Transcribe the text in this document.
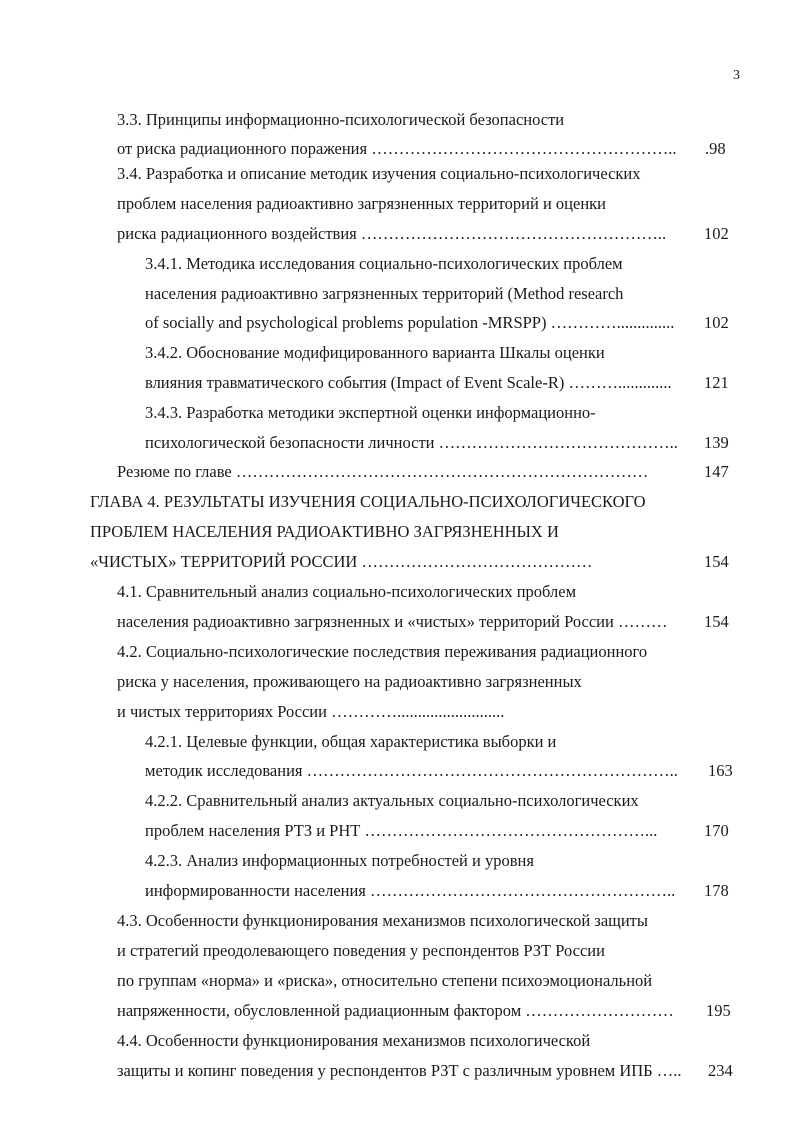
3
3.3. Принципы информационно-психологической безопасности
от риска радиационного поражения ……………………………………………….. .98
3.4. Разработка и описание методик изучения социально-психологических
проблем населения радиоактивно загрязненных территорий и оценки
риска радиационного воздействия ……………………………………………….. 102
3.4.1. Методика исследования социально-психологических проблем
населения радиоактивно загрязненных территорий (Method research
of socially and psychological problems population -MRSPP) ………….............. 102
3.4.2. Обоснование модифицированного варианта Шкалы оценки
влияния травматического события (Impact of Event Scale-R) ………............. 121
3.4.3. Разработка методики экспертной оценки информационно-
психологической безопасности личности …………………………………….. 139
Резюме по главе …………………………………………………………………	147
ГЛАВА 4. РЕЗУЛЬТАТЫ ИЗУЧЕНИЯ СОЦИАЛЬНО-ПСИХОЛОГИЧЕСКОГО
ПРОБЛЕМ НАСЕЛЕНИЯ РАДИОАКТИВНО ЗАГРЯЗНЕННЫХ И
«ЧИСТЫХ» ТЕРРИТОРИЙ РОССИИ ……………………………………	154
4.1. Сравнительный анализ социально-психологических проблем
населения радиоактивно загрязненных и «чистых» территорий России ……… 154
4.2. Социально-психологические последствия переживания радиационного
риска у населения, проживающего на радиоактивно загрязненных
и чистых территориях России …………..........................
4.2.1. Целевые функции, общая характеристика выборки и
методик исследования ………………………………………………………….. 163
4.2.2. Сравнительный анализ актуальных социально-психологических
проблем населения РТЗ и РНТ ……………………………………………...	170
4.2.3. Анализ информационных потребностей и уровня
информированности населения ……………………………………………….. 178
4.3. Особенности функционирования механизмов психологической защиты
и стратегий преодолевающего поведения у респондентов РЗТ России
по группам «норма» и «риска», относительно степени психоэмоциональной
напряженности, обусловленной радиационным фактором ……………………… 195
4.4. Особенности функционирования механизмов психологической
защиты и копинг поведения у респондентов РЗТ с различным уровнем ИПБ ….. 234
